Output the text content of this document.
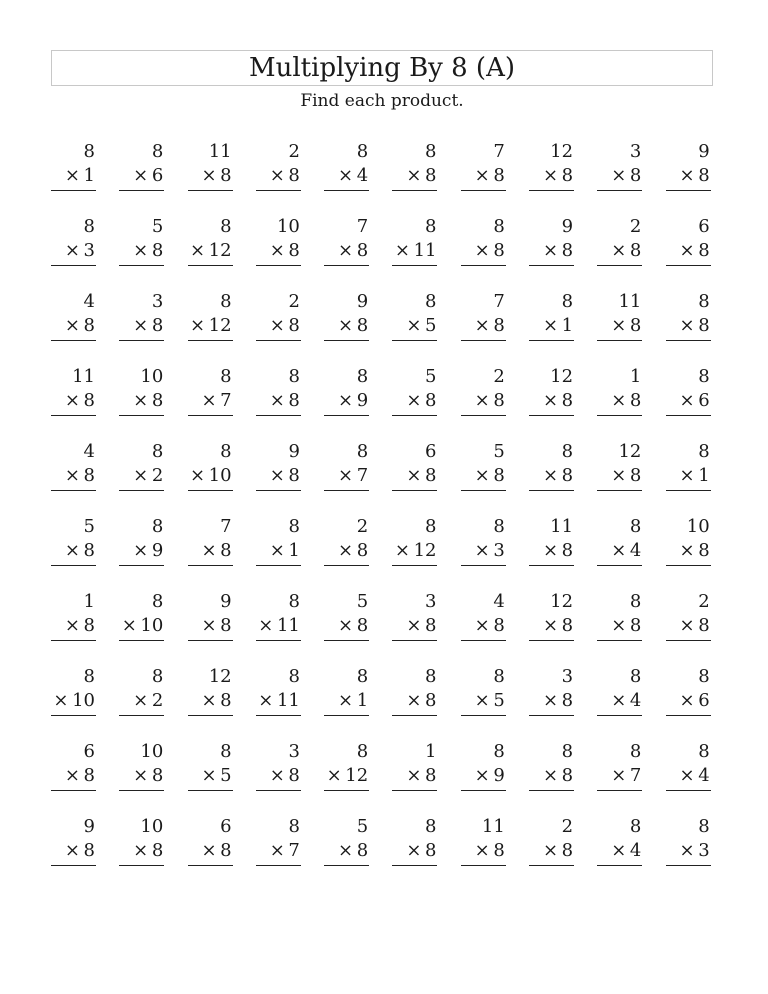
Multiplying By 8 (A)
Find each product.
8
× 1
8
× 6
11
× 8
2
× 8
8
× 4
8
× 8
7
× 8
12
× 8
3
× 8
9
× 8
8
× 3
5
× 8
8
× 12
10
× 8
7
× 8
8
× 11
8
× 8
9
× 8
2
× 8
6
× 8
4
× 8
3
× 8
8
× 12
2
× 8
9
× 8
8
× 5
7
× 8
8
× 1
11
× 8
8
× 8
11
× 8
10
× 8
8
× 7
8
× 8
8
× 9
5
× 8
2
× 8
12
× 8
1
× 8
8
× 6
4
× 8
8
× 2
8
× 10
9
× 8
8
× 7
6
× 8
5
× 8
8
× 8
12
× 8
8
× 1
5
× 8
8
× 9
7
× 8
8
× 1
2
× 8
8
× 12
8
× 3
11
× 8
8
× 4
10
× 8
1
× 8
8
× 10
9
× 8
8
× 11
5
× 8
3
× 8
4
× 8
12
× 8
8
× 8
2
× 8
8
× 10
8
× 2
12
× 8
8
× 11
8
× 1
8
× 8
8
× 5
3
× 8
8
× 4
8
× 6
6
× 8
10
× 8
8
× 5
3
× 8
8
× 12
1
× 8
8
× 9
8
× 8
8
× 7
8
× 4
9
× 8
10
× 8
6
× 8
8
× 7
5
× 8
8
× 8
11
× 8
2
× 8
8
× 4
8
× 3
